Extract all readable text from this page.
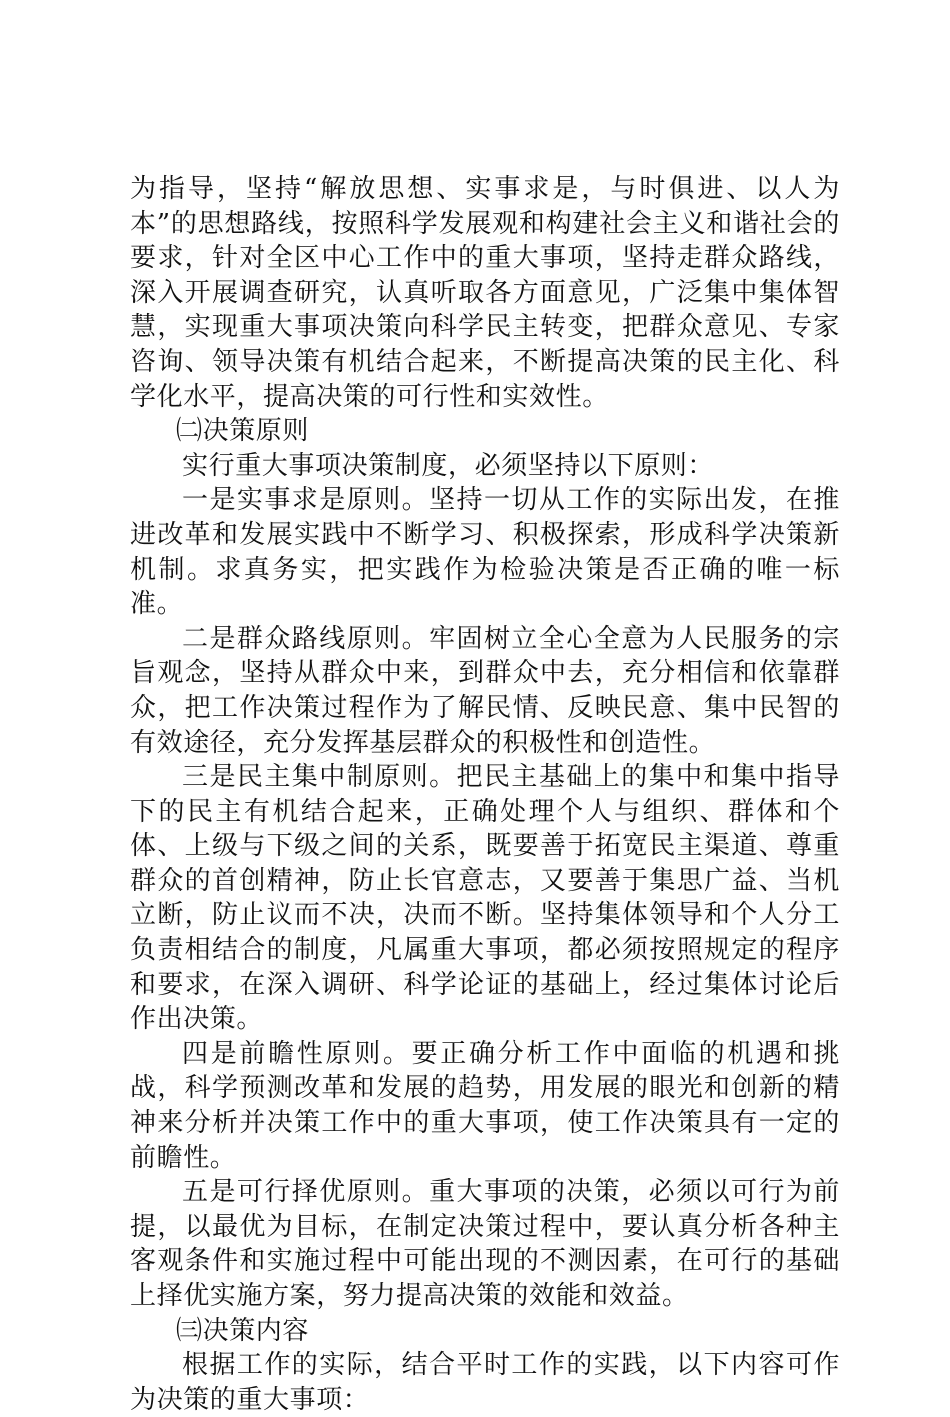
为指导，坚持“解放思想、实事求是，与时俱进、以人为本”的思想路线，按照科学发展观和构建社会主义和谐社会的要求，针对全区中心工作中的重大事项，坚持走群众路线，深入开展调查研究，认真听取各方面意见，广泛集中集体智慧，实现重大事项决策向科学民主转变，把群众意见、专家咨询、领导决策有机结合起来，不断提高决策的民主化、科学化水平，提高决策的可行性和实效性。

㈡决策原则

实行重大事项决策制度，必须坚持以下原则：

一是实事求是原则。坚持一切从工作的实际出发，在推进改革和发展实践中不断学习、积极探索，形成科学决策新机制。求真务实，把实践作为检验决策是否正确的唯一标准。

二是群众路线原则。牢固树立全心全意为人民服务的宗旨观念，坚持从群众中来，到群众中去，充分相信和依靠群众，把工作决策过程作为了解民情、反映民意、集中民智的有效途径，充分发挥基层群众的积极性和创造性。

三是民主集中制原则。把民主基础上的集中和集中指导下的民主有机结合起来，正确处理个人与组织、群体和个体、上级与下级之间的关系，既要善于拓宽民主渠道、尊重群众的首创精神，防止长官意志，又要善于集思广益、当机立断，防止议而不决，决而不断。坚持集体领导和个人分工负责相结合的制度，凡属重大事项，都必须按照规定的程序和要求，在深入调研、科学论证的基础上，经过集体讨论后作出决策。

四是前瞻性原则。要正确分析工作中面临的机遇和挑战，科学预测改革和发展的趋势，用发展的眼光和创新的精神来分析并决策工作中的重大事项，使工作决策具有一定的前瞻性。

五是可行择优原则。重大事项的决策，必须以可行为前提，以最优为目标，在制定决策过程中，要认真分析各种主客观条件和实施过程中可能出现的不测因素，在可行的基础上择优实施方案，努力提高决策的效能和效益。

㈢决策内容

根据工作的实际，结合平时工作的实践，以下内容可作为决策的重大事项：
